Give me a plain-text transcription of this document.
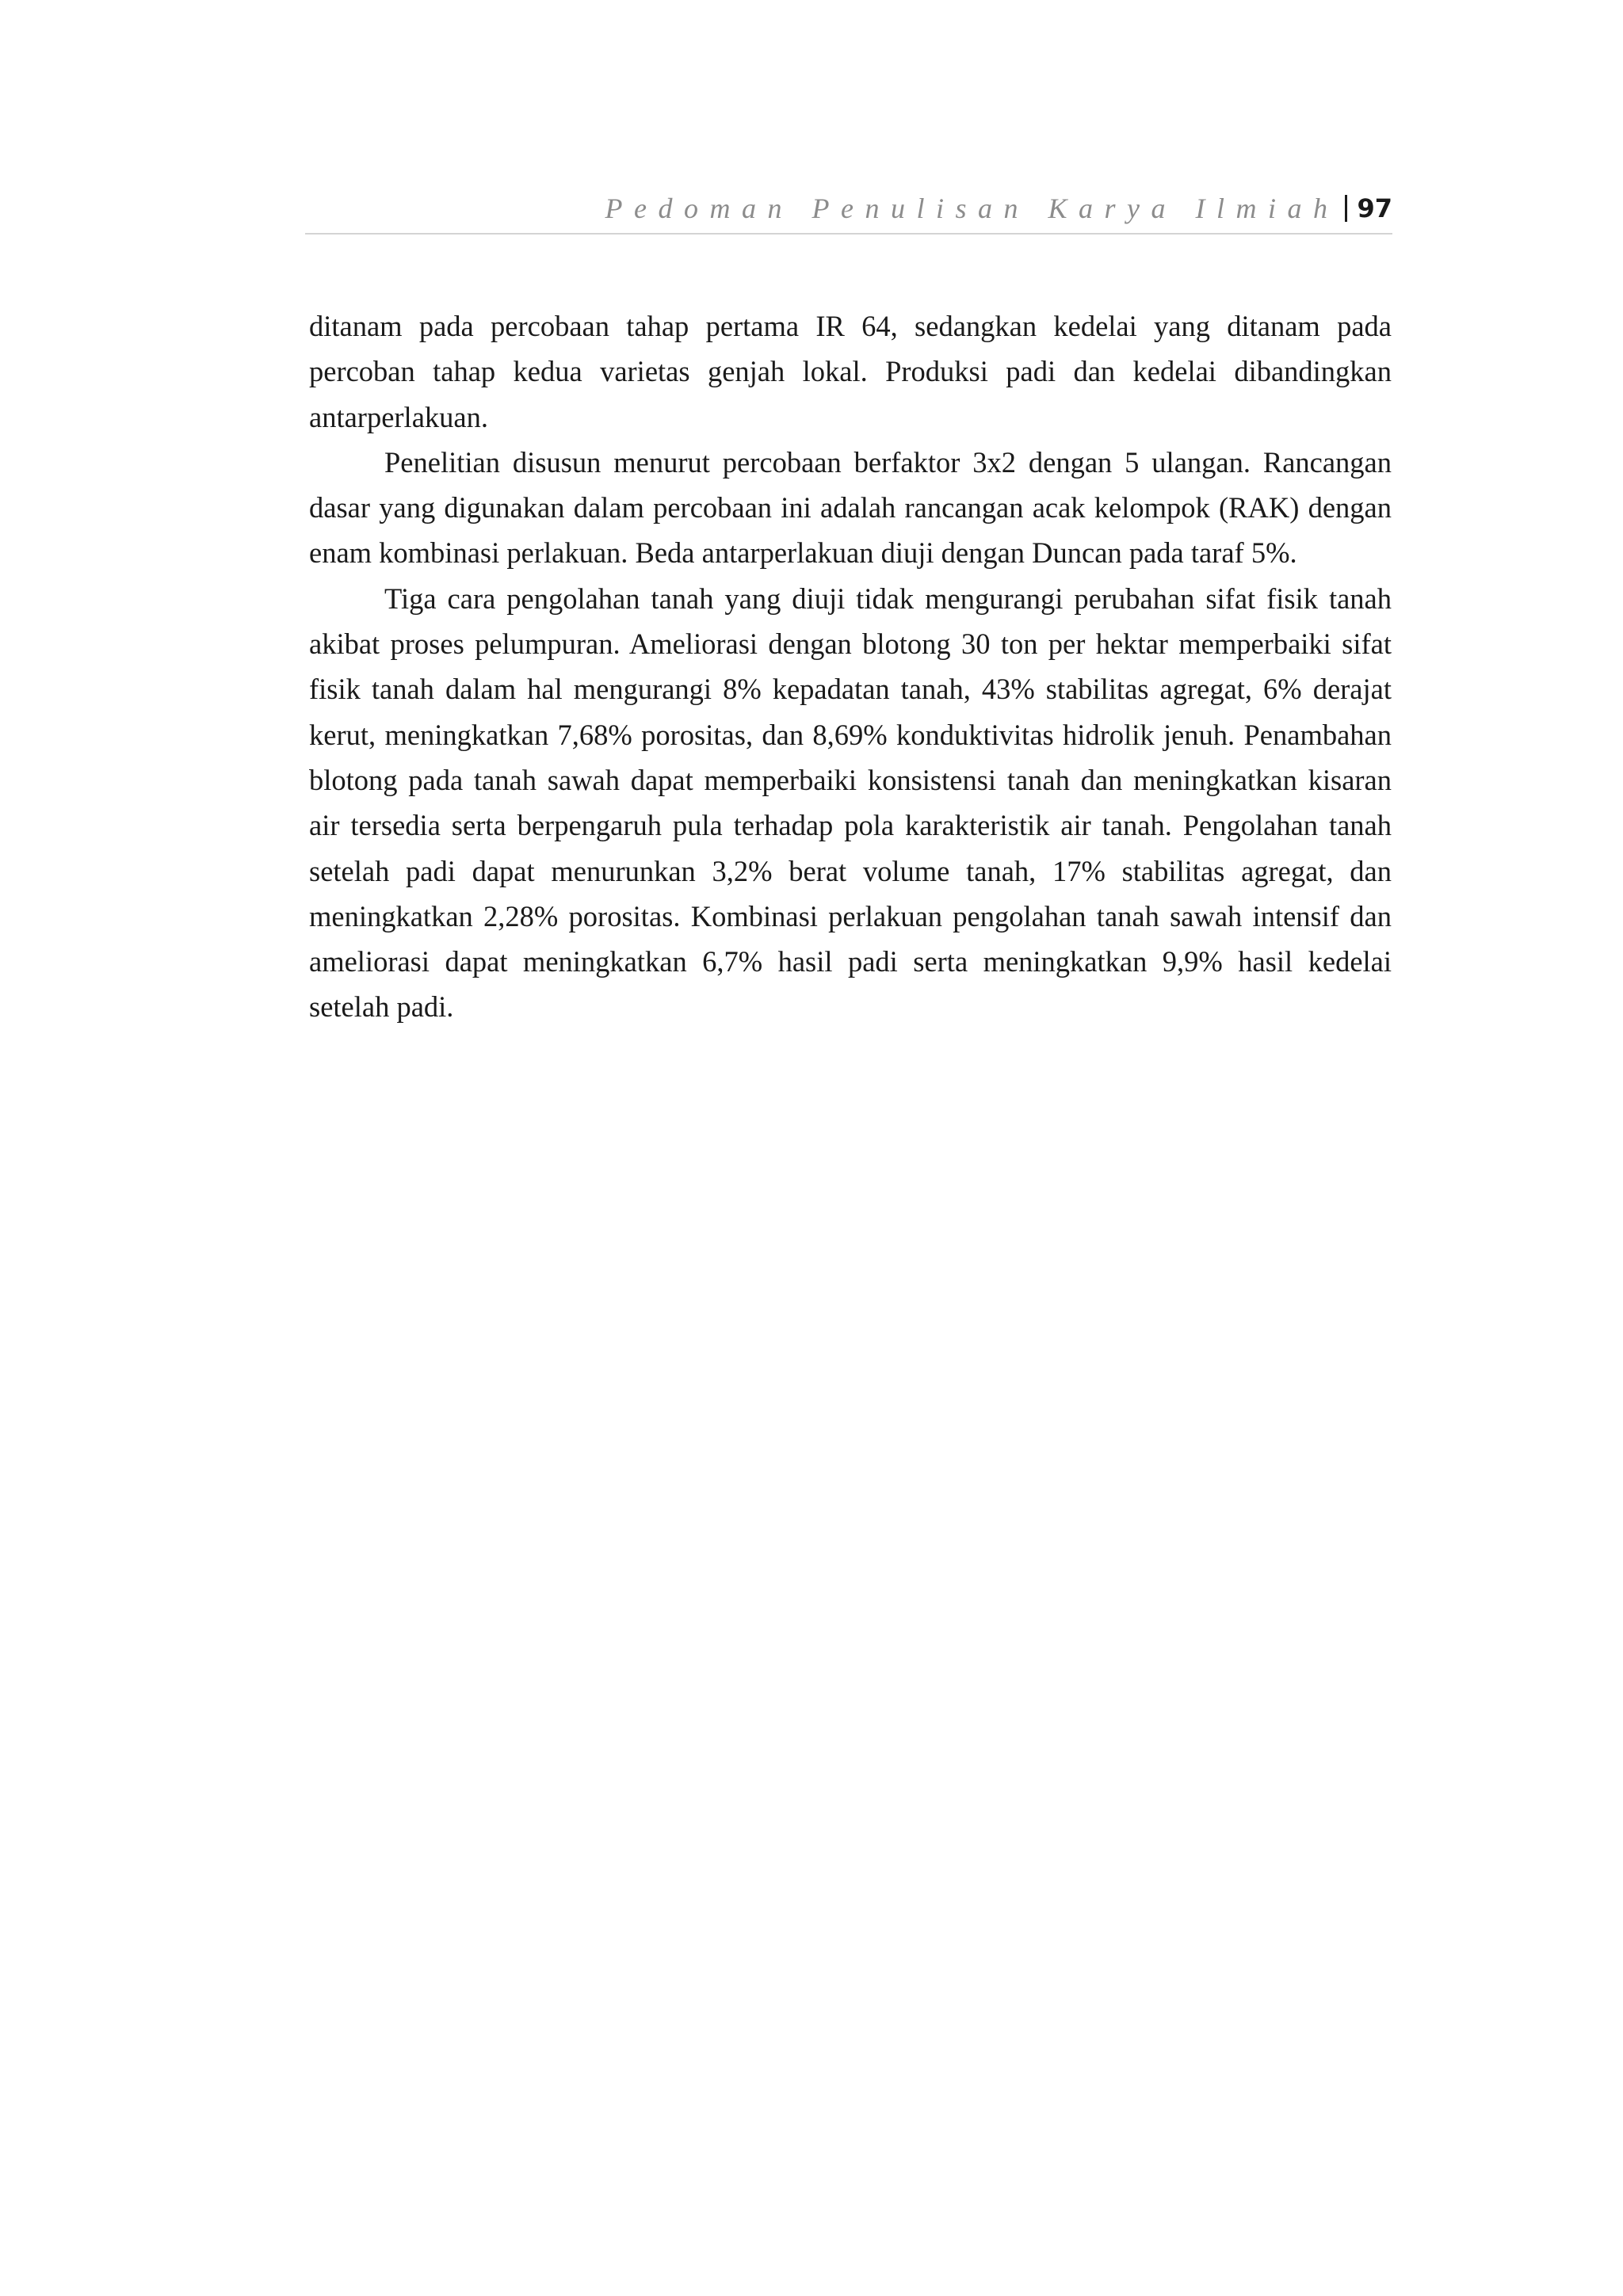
Pedoman Penulisan Karya Ilmiah 97

ditanam pada percobaan tahap pertama IR 64, sedangkan kedelai yang ditanam pada percoban tahap kedua varietas genjah lokal. Produksi padi dan kedelai dibandingkan antarperlakuan.

Penelitian disusun menurut percobaan berfaktor 3x2 dengan 5 ulangan. Rancangan dasar yang digunakan dalam percobaan ini adalah rancangan acak kelompok (RAK) dengan enam kombinasi perlakuan. Beda antarperlakuan diuji dengan Duncan pada taraf 5%.

Tiga cara pengolahan tanah yang diuji tidak mengurangi perubahan sifat fisik tanah akibat proses pelumpuran. Ameliorasi dengan blotong 30 ton per hektar memperbaiki sifat fisik tanah dalam hal mengurangi 8% kepadatan tanah, 43% stabilitas agregat, 6% derajat kerut, meningkatkan 7,68% porositas, dan 8,69% konduktivitas hidrolik jenuh. Penambahan blotong pada tanah sawah dapat memperbaiki konsistensi tanah dan meningkatkan kisaran air tersedia serta berpengaruh pula terhadap pola karakteristik air tanah. Pengolahan tanah setelah padi dapat menurunkan 3,2% berat volume tanah, 17% stabilitas agregat, dan meningkatkan 2,28% porositas. Kombinasi perlakuan pengolahan tanah sawah intensif dan ameliorasi dapat meningkatkan 6,7% hasil padi serta meningkatkan 9,9% hasil kedelai setelah padi.
